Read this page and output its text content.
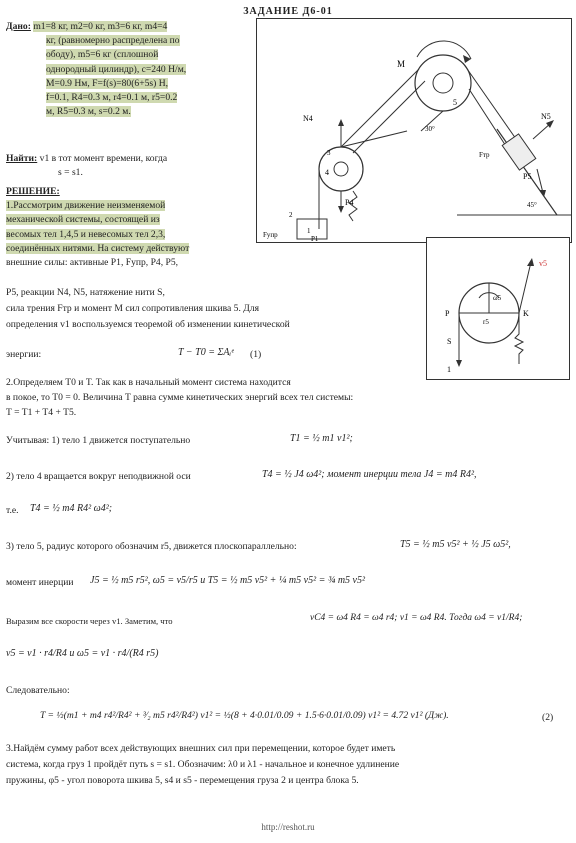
ЗАДАНИЕ Д6-01
Дано: m1=8 кг, m2=0 кг, m3=6 кг, m4=4
кг, (равномерно распределена по
ободу), m5=6 кг (сплошной
однородный цилиндр), c=240 Н/м,
M=0.9 Нм, F=f(s)=80(6+5s) Н,
f=0.1, R4=0.3 м, r4=0.1 м, r5=0.2
м, R5=0.3 м, s=0.2 м.
Найти: v1 в тот момент времени, когда
s = s1.
РЕШЕНИЕ:
1.Рассмотрим движение неизменяемой
механической системы, состоящей из
весомых тел 1,4,5 и невесомых тел 2,3,
соединённых нитями. На систему действуют
внешние силы: активные P1, Fупр, P4, P5,
P5, реакции N4, N5, натяжение нити S,
сила трения Fтр и момент M сил сопротивления шкива 5. Для
определения v1 воспользуемся теоремой об изменении кинетической
энергии:	T − T0 = ΣAᵢᵉ (1)
2.Определяем T0 и T. Так как в начальный момент система находится
в покое, то T0 = 0. Величина T равна сумме кинетических энергий всех тел системы:
T = T1 + T4 + T5.
Учитывая: 1) тело 1 движется поступательно	T1 = ½ m1 v1²;
2) тело 4 вращается вокруг неподвижной оси	T4 = ½ J4 ω4²; момент инерции тела J4 = m4 R4²,
т.е. T4 = ½ m4 R4² ω4²;
3) тело 5, радиус которого обозначим r5, движется плоскопараллельно:	T5 = ½ m5 v5² + ½ J5 ω5²,
момент инерции J5 = ½ m5 r5², ω5 = v5/r5 и T5 = ½ m5 v5² + ¼ m5 v5² = ¾ m5 v5²
Выразим все скорости через v1. Заметим, что	vC4 = ω4 R4 = ω4 r4; v1 = ω4 R4. Тогда ω4 = v1/R4;
v5 = v1 · r4/R4 и ω5 = v1 · r4/(R4 r5)
Следовательно:
T = ½(m1 + m4 r4²/R4² + ³⁄₂ m5 r4²/R4²) v1² = ½(8 + 4·0.01/0.09 + 1.5·6·0.01/0.09) v1² = 4.72 v1² (Дж).	(2)
3.Найдём сумму работ всех действующих внешних сил при перемещении, которое будет иметь
система, когда груз 1 пройдёт путь s = s1. Обозначим: λ0 и λ1 - начальное и конечное удлинение
пружины, φ5 - угол поворота шкива 5, s4 и s5 - перемещения груза 2 и центра блока 5.
M
5
30°
N4
4
P4
N5
Fтр
P5
45°
Fупр
3
2
1
P1
v5
ω5
r5
P	K
S
1
http://reshot.ru
